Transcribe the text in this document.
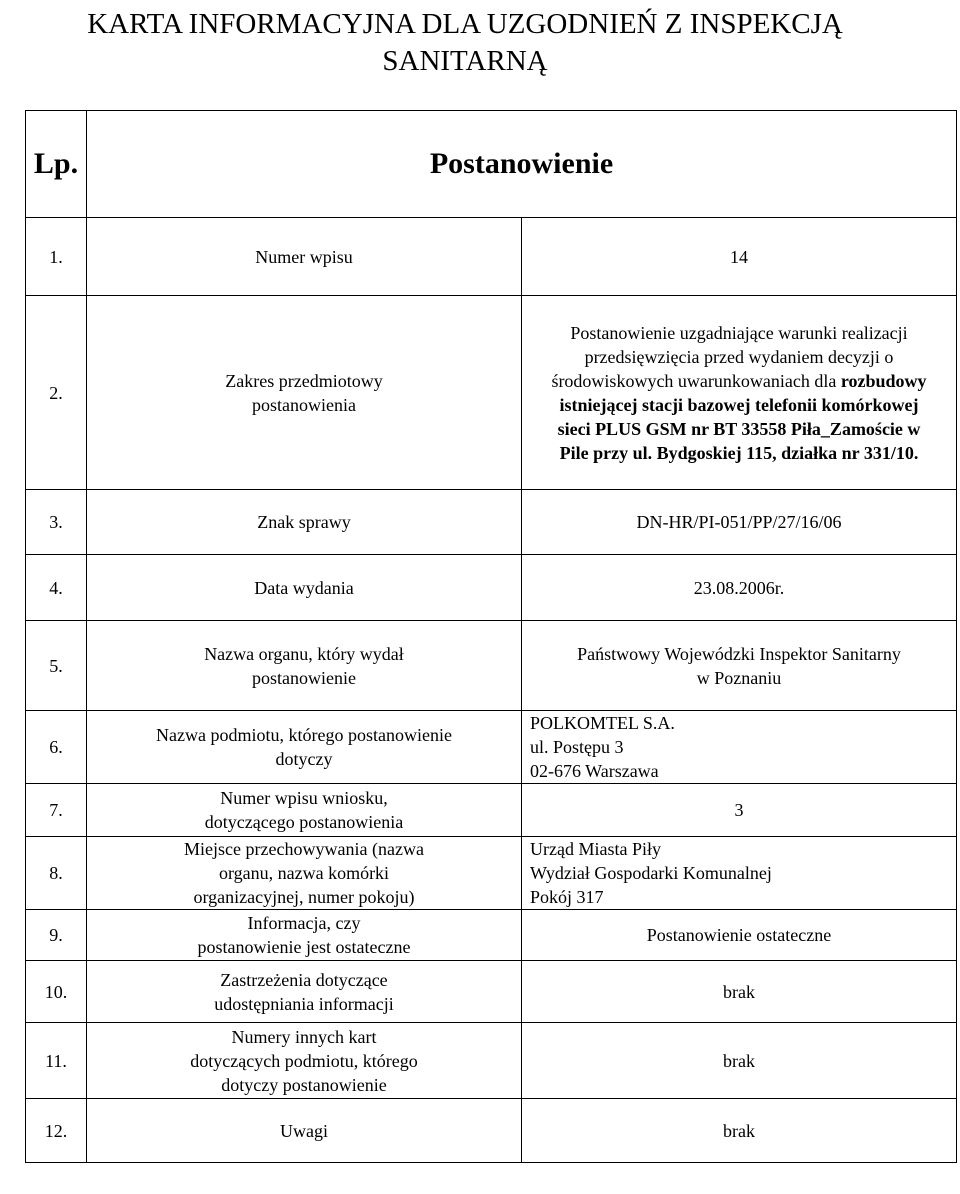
KARTA INFORMACYJNA DLA UZGODNIEŃ Z INSPEKCJĄ SANITARNĄ
Lp.	Postanowienie	
1.	Numer wpisu	14

2.	Zakres przedmiotowy
postanowienia	Postanowienie uzgadniające warunki realizacji przedsięwzięcia przed wydaniem decyzji o środowiskowych uwarunkowaniach dla rozbudowy istniejącej stacji bazowej telefonii komórkowej sieci PLUS GSM nr BT 33558 Piła_Zamoście w Pile przy ul. Bydgoskiej 115, działka nr 331/10.
3.	Znak sprawy	DN-HR/PI-051/PP/27/16/06

4.	Data wydania	23.08.2006r.

5.	Nazwa organu, który wydał
postanowienie	Państwowy Wojewódzki Inspektor Sanitarny
w Poznaniu

6.	Nazwa podmiotu, którego postanowienie
dotyczy	POLKOMTEL S.A.
ul. Postępu 3
02-676 Warszawa

7.	Numer wpisu wniosku,
dotyczącego postanowienia	3

8.	Miejsce przechowywania (nazwa
organu, nazwa komórki
organizacyjnej, numer pokoju)	Urząd Miasta Piły
Wydział Gospodarki Komunalnej
Pokój 317

9.	Informacja, czy
postanowienie jest ostateczne	Postanowienie ostateczne

10.	Zastrzeżenia dotyczące
udostępniania informacji	brak

11.	Numery innych kart
dotyczących podmiotu, którego
dotyczy postanowienie	brak

12.	Uwagi	brak
